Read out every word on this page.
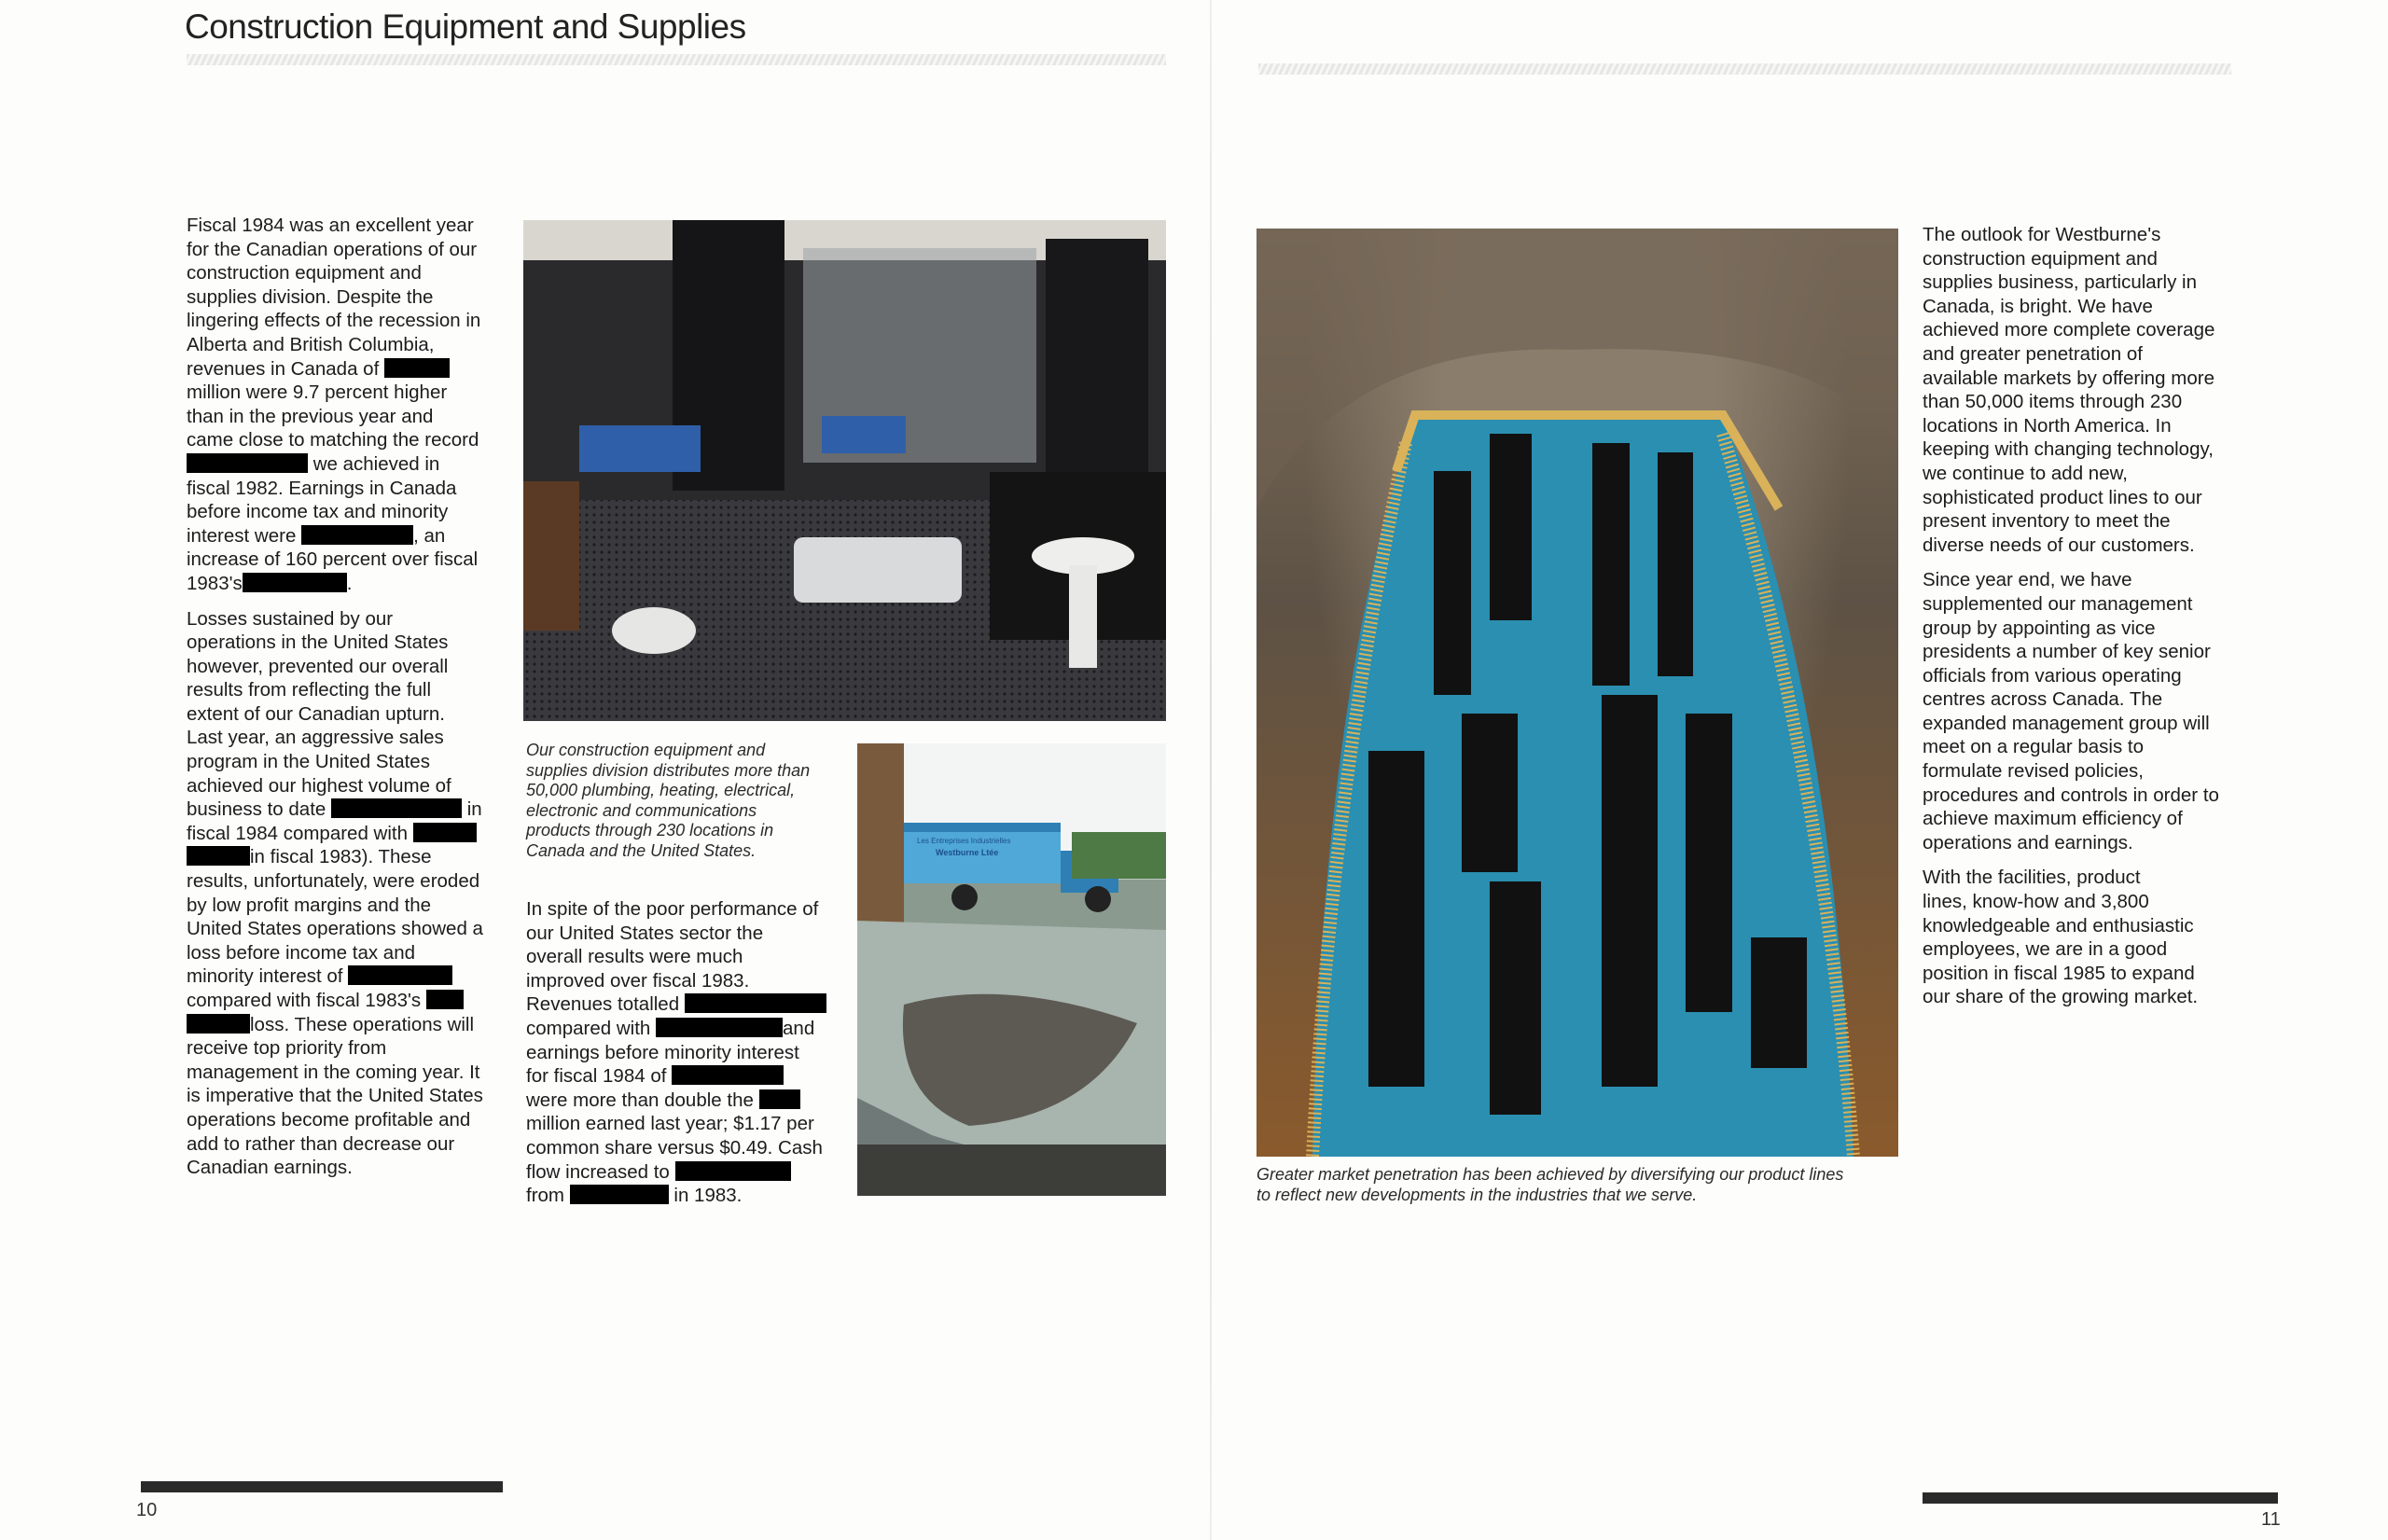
Construction Equipment and Supplies

Fiscal 1984 was an excellent year
for the Canadian operations of our
construction equipment and
supplies division. Despite the
lingering effects of the recession in
Alberta and British Columbia,
revenues in Canada of
million were 9.7 percent higher
than in the previous year and
came close to matching the record
we achieved in
fiscal 1982. Earnings in Canada
before income tax and minority
interest were	, an
increase of 160 percent over fiscal
1983's	.

Losses sustained by our
operations in the United States
however, prevented our overall
results from reflecting the full
extent of our Canadian upturn.
Last year, an aggressive sales
program in the United States
achieved our highest volume of
business to date	in
fiscal 1984 compared with
in fiscal 1983). These
results, unfortunately, were eroded
by low profit margins and the
United States operations showed a
loss before income tax and
minority interest of
compared with fiscal 1983's
loss. These operations will
receive top priority from
management in the coming year. It
is imperative that the United States
operations become profitable and
add to rather than decrease our
Canadian earnings.

Our construction equipment and
supplies division distributes more than
50,000 plumbing, heating, electrical,
electronic and communications
products through 230 locations in
Canada and the United States.

In spite of the poor performance of
our United States sector the
overall results were much
improved over fiscal 1983.
Revenues totalled
compared with	and
earnings before minority interest
for fiscal 1984 of
were more than double the
million earned last year; $1.17 per
common share versus $0.49. Cash
flow increased to
from	in 1983.

Les Entreprises Industrielles
Westburne Ltée
Greater market penetration has been achieved by diversifying our product lines
to reflect new developments in the industries that we serve.

The outlook for Westburne's
construction equipment and
supplies business, particularly in
Canada, is bright. We have
achieved more complete coverage
and greater penetration of
available markets by offering more
than 50,000 items through 230
locations in North America. In
keeping with changing technology,
we continue to add new,
sophisticated product lines to our
present inventory to meet the
diverse needs of our customers.

Since year end, we have
supplemented our management
group by appointing as vice
presidents a number of key senior
officials from various operating
centres across Canada. The
expanded management group will
meet on a regular basis to
formulate revised policies,
procedures and controls in order to
achieve maximum efficiency of
operations and earnings.

With the facilities, product
lines, know-how and 3,800
knowledgeable and enthusiastic
employees, we are in a good
position in fiscal 1985 to expand
our share of the growing market.

10	11
